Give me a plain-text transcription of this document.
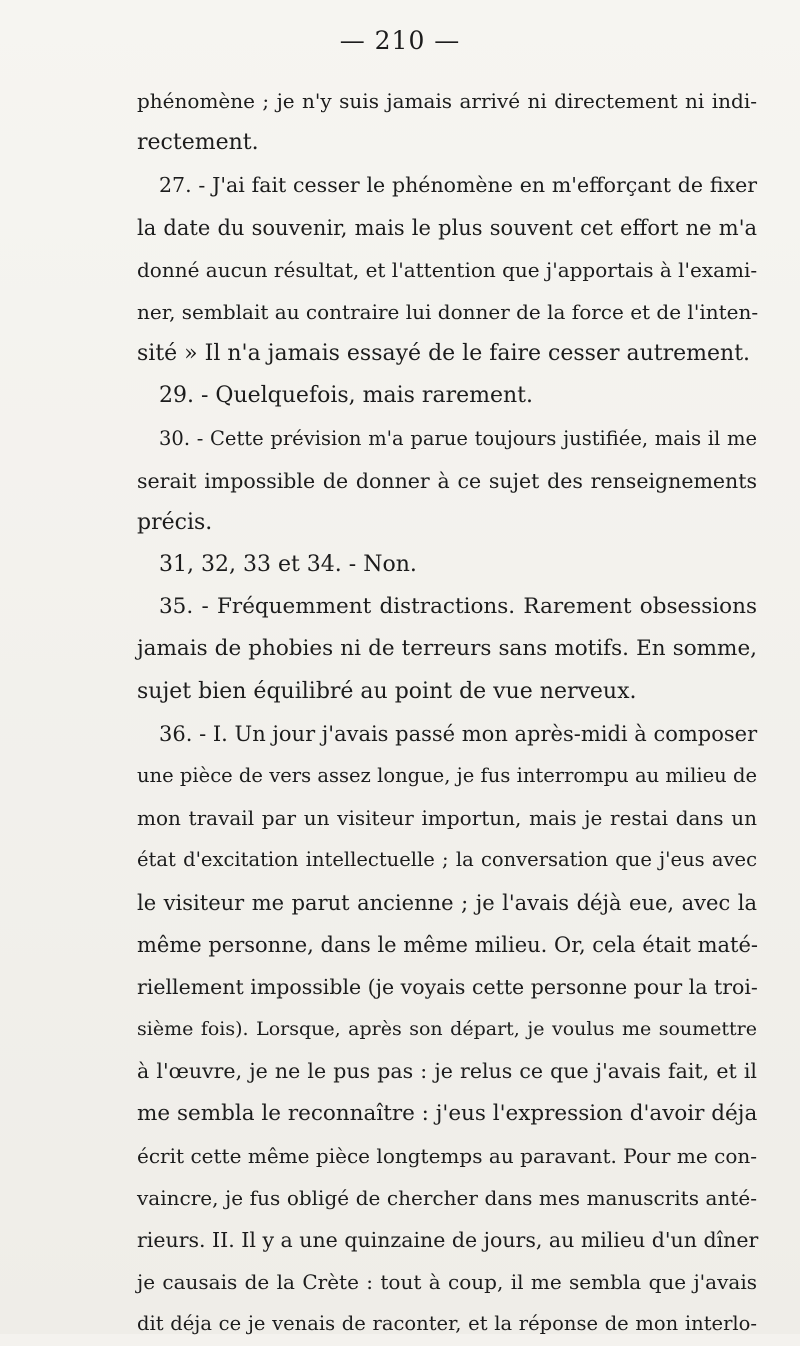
— 210 —
phénomène ; je n'y suis jamais arrivé ni directement ni indi-
rectement.
27. - J'ai fait cesser le phénomène en m'efforçant de fixer
la date du souvenir, mais le plus souvent cet effort ne m'a
donné aucun résultat, et l'attention que j'apportais à l'exami-
ner, semblait au contraire lui donner de la force et de l'inten-
sité » Il n'a jamais essayé de le faire cesser autrement.
29. - Quelquefois, mais rarement.
30. - Cette prévision m'a parue toujours justifiée, mais il me
serait impossible de donner à ce sujet des renseignements
précis.
31, 32, 33 et 34. - Non.
35. - Fréquemment distractions. Rarement obsessions
jamais de phobies ni de terreurs sans motifs. En somme,
sujet bien équilibré au point de vue nerveux.
36. - I. Un jour j'avais passé mon après-midi à composer
une pièce de vers assez longue, je fus interrompu au milieu de
mon travail par un visiteur importun, mais je restai dans un
état d'excitation intellectuelle ; la conversation que j'eus avec
le visiteur me parut ancienne ; je l'avais déjà eue, avec la
même personne, dans le même milieu. Or, cela était maté-
riellement impossible (je voyais cette personne pour la troi-
sième fois). Lorsque, après son départ, je voulus me soumettre
à l'œuvre, je ne le pus pas : je relus ce que j'avais fait, et il
me sembla le reconnaître : j'eus l'expression d'avoir déja
écrit cette même pièce longtemps au paravant. Pour me con-
vaincre, je fus obligé de chercher dans mes manuscrits anté-
rieurs. II. Il y a une quinzaine de jours, au milieu d'un dîner
je causais de la Crète : tout à coup, il me sembla que j'avais
dit déja ce je venais de raconter, et la réponse de mon interlo-
